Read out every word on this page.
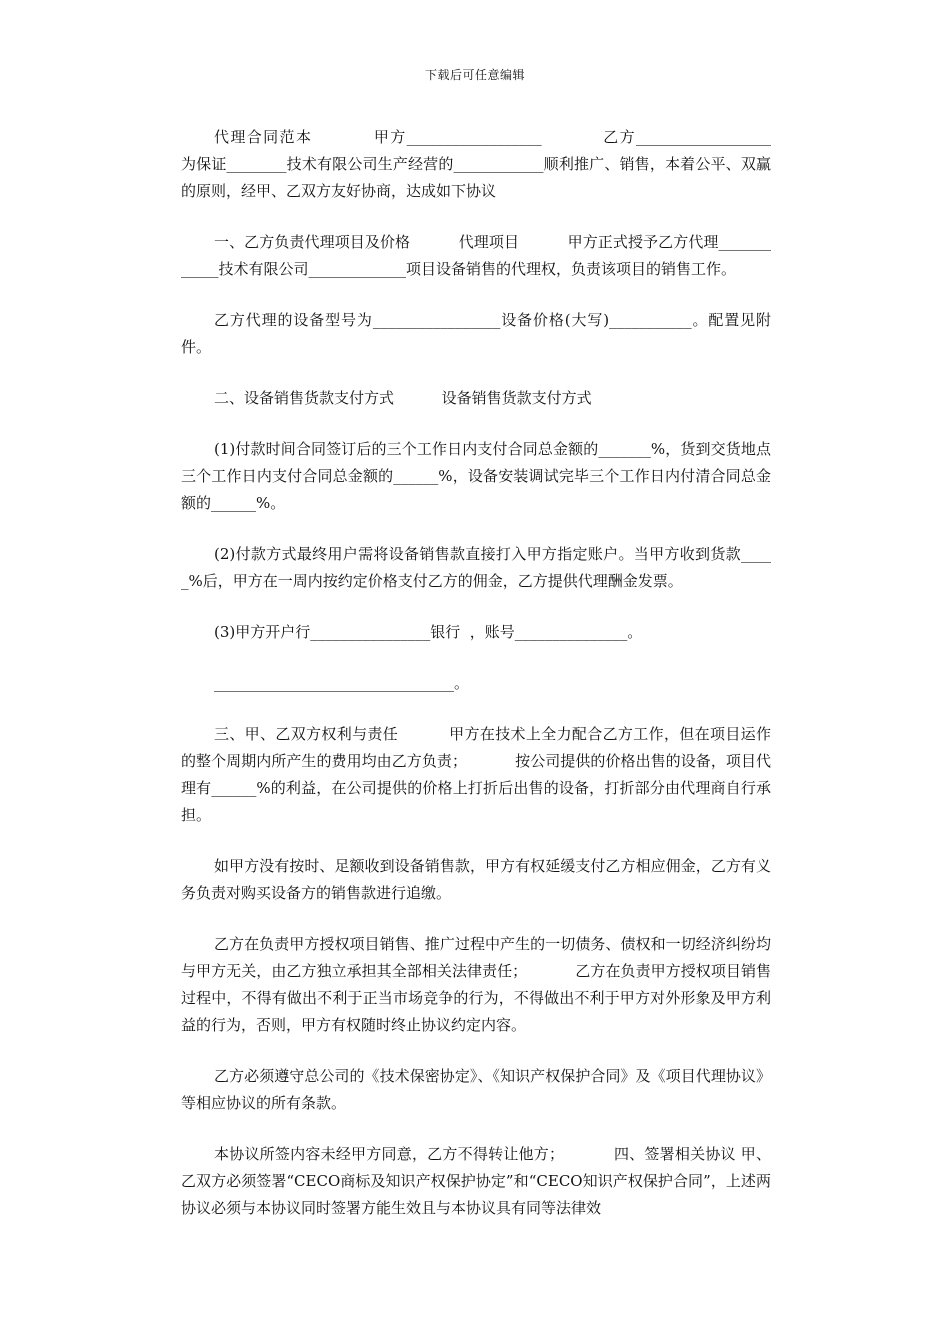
下载后可任意编辑

代理合同范本          甲方__________________          乙方__________________          为保证________技术有限公司生产经营的____________顺利推广、销售，本着公平、双赢的原则，经甲、乙双方友好协商，达成如下协议

一、乙方负责代理项目及价格          代理项目          甲方正式授予乙方代理____________技术有限公司_____________项目设备销售的代理权，负责该项目的销售工作。

乙方代理的设备型号为_________________设备价格(大写)___________。配置见附件。

二、设备销售货款支付方式          设备销售货款支付方式

(1)付款时间合同签订后的三个工作日内支付合同总金额的_______%，货到交货地点三个工作日内支付合同总金额的______%，设备安装调试完毕三个工作日内付清合同总金额的______%。

(2)付款方式最终用户需将设备销售款直接打入甲方指定账户。当甲方收到货款_____%后，甲方在一周内按约定价格支付乙方的佣金，乙方提供代理酬金发票。

(3)甲方开户行________________银行  ，账号_______________。

________________________________。

三、甲、乙双方权利与责任          甲方在技术上全力配合乙方工作，但在项目运作的整个周期内所产生的费用均由乙方负责；          按公司提供的价格出售的设备，项目代理有______%的利益，在公司提供的价格上打折后出售的设备，打折部分由代理商自行承担。

如甲方没有按时、足额收到设备销售款，甲方有权延缓支付乙方相应佣金，乙方有义务负责对购买设备方的销售款进行追缴。

乙方在负责甲方授权项目销售、推广过程中产生的一切债务、债权和一切经济纠纷均与甲方无关，由乙方独立承担其全部相关法律责任；          乙方在负责甲方授权项目销售过程中，不得有做出不利于正当市场竞争的行为，不得做出不利于甲方对外形象及甲方利益的行为，否则，甲方有权随时终止协议约定内容。

乙方必须遵守总公司的《技术保密协定》、《知识产权保护合同》及《项目代理协议》等相应协议的所有条款。

本协议所签内容未经甲方同意，乙方不得转让他方；          四、签署相关协议 甲、乙双方必须签署“CECO商标及知识产权保护协定”和“CECO知识产权保护合同”，上述两协议必须与本协议同时签署方能生效且与本协议具有同等法律效
